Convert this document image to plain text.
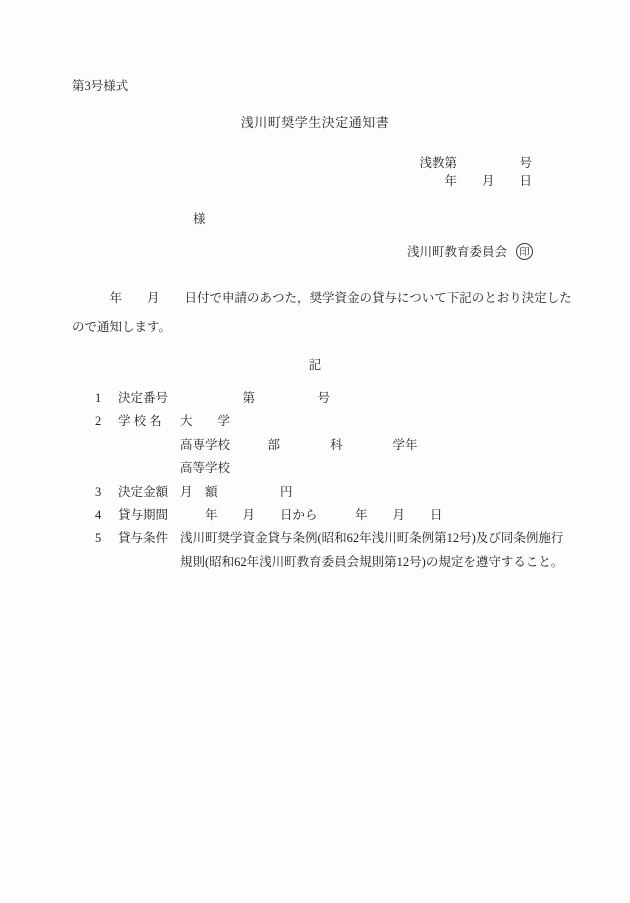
第3号様式
浅川町奨学生決定通知書
浅教第　　　　　号
年　　月　　日
様
浅川町教育委員会	印
　　　年　　月　　日付で申請のあつた，奨学資金の貸与について下記のとおり決定した
ので通知します。
記
1	決定番号 　　　　　第　　　　　号
2	学 校 名	大　　学
高専学校　　　部　　　　科　　　　学年
高等学校
3	決定金額 月　額　　　　　円
4	貸与期間 　　年　　月　　日から　　　年　　月　　日
5	貸与条件 浅川町奨学資金貸与条例(昭和62年浅川町条例第12号)及び同条例施行
規則(昭和62年浅川町教育委員会規則第12号)の規定を遵守すること。
